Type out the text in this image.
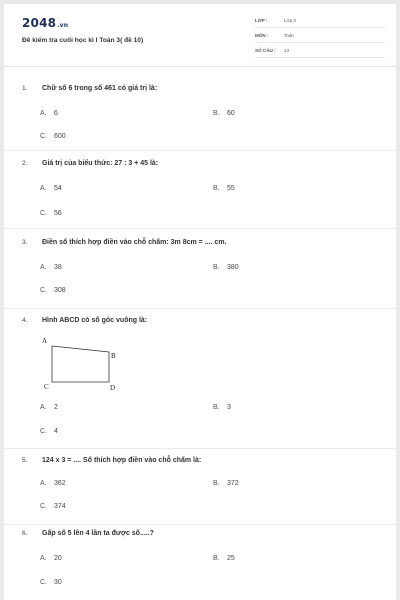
2048.vn
Đề kiểm tra cuối học kì I Toán 3( đề 10)
LỚP :	Lớp 3
MÔN :	Toán
SỐ CÂU : 13
1. Chữ số 6 trong số 461 có giá trị là:
A. 6	B. 60
C. 600
2. Giá trị của biểu thức: 27 : 3 + 45 là:
A. 54	B. 55
C. 56
3. Điền số thích hợp điền vào chỗ chấm: 3m 8cm = .... cm.
A. 38	B. 380
C. 308
4. Hình ABCD có số góc vuông là:
A
B
C	D
A. 2	B. 3
C. 4
5. 124 x 3 = .... Số thích hợp điền vào chỗ chấm là:
A. 362	B. 372
C. 374
6. Gấp số 5 lên 4 lần ta được số.....?
A. 20	B. 25
C. 30
